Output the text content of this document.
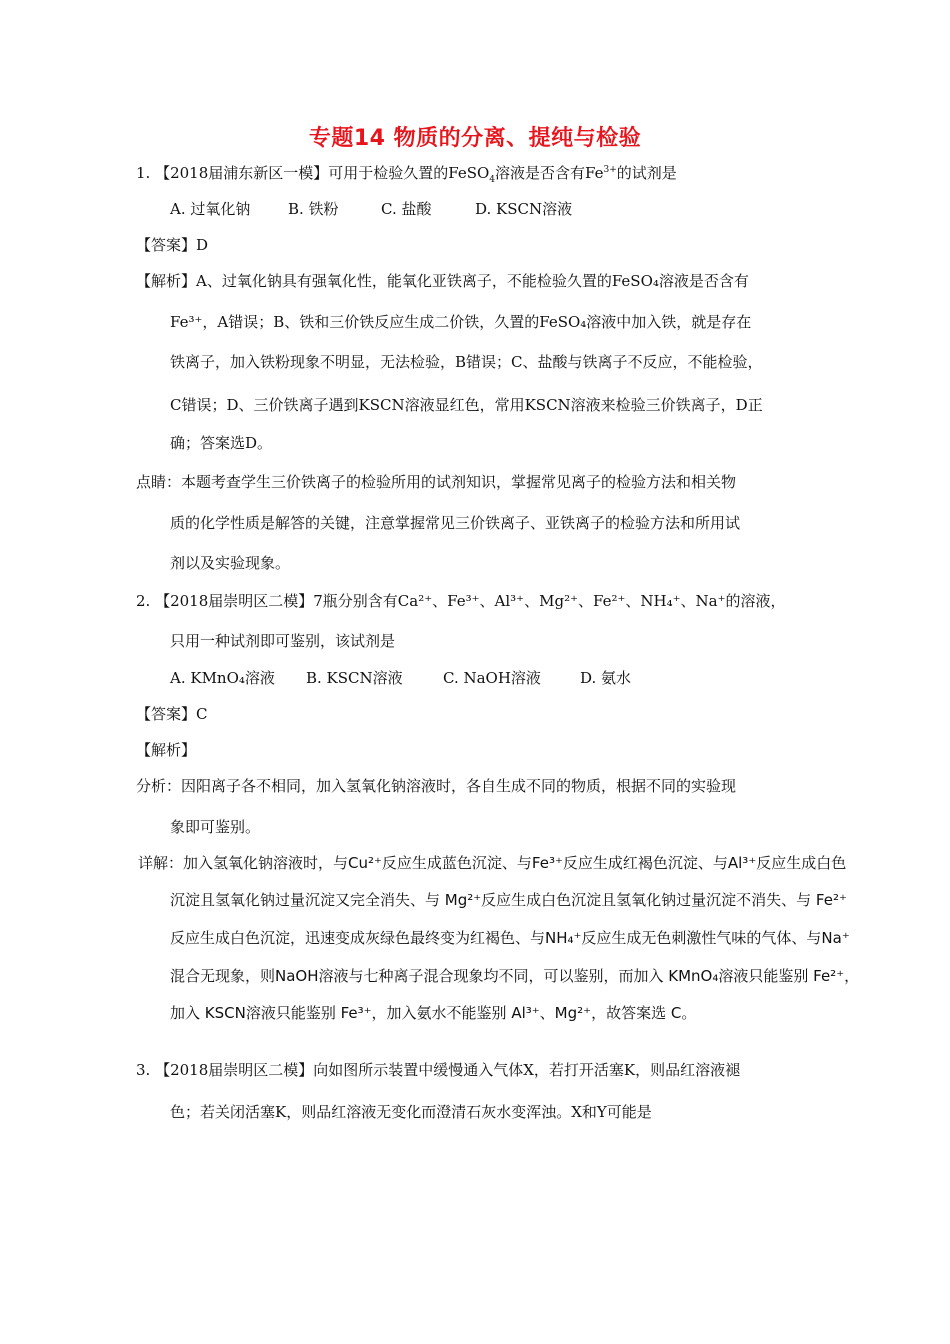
专题14 物质的分离、提纯与检验
1. 【2018届浦东新区一模】可用于检验久置的FeSO$_4$溶液是否含有$Fe^{3+}$的试剂是
A. 过氧化钠	B. 铁粉	C. 盐酸	D. KSCN溶液
【答案】D
【解析】A、过氧化钠具有强氧化性，能氧化亚铁离子，不能检验久置的FeSO₄溶液是否含有
Fe³⁺，A错误；B、铁和三价铁反应生成二价铁，久置的FeSO₄溶液中加入铁，就是存在
铁离子，加入铁粉现象不明显，无法检验，B错误；C、盐酸与铁离子不反应，不能检验，
C错误；D、三价铁离子遇到KSCN溶液显红色，常用KSCN溶液来检验三价铁离子，D正
确；答案选D。
点睛：本题考查学生三价铁离子的检验所用的试剂知识，掌握常见离子的检验方法和相关物
质的化学性质是解答的关键，注意掌握常见三价铁离子、亚铁离子的检验方法和所用试
剂以及实验现象。
2. 【2018届崇明区二模】7瓶分别含有Ca²⁺、Fe³⁺、Al³⁺、Mg²⁺、Fe²⁺、NH₄⁺、Na⁺的溶液，
只用一种试剂即可鉴别，该试剂是
A. KMnO₄溶液 B. KSCN溶液	C. NaOH溶液	D. 氨水
【答案】C
【解析】
分析：因阳离子各不相同，加入氢氧化钠溶液时，各自生成不同的物质，根据不同的实验现
象即可鉴别。
详解：加入氢氧化钠溶液时，与Cu²⁺反应生成蓝色沉淀、与Fe³⁺反应生成红褐色沉淀、与Al³⁺反应生成白色
沉淀且氢氧化钠过量沉淀又完全消失、与 Mg²⁺反应生成白色沉淀且氢氧化钠过量沉淀不消失、与 Fe²⁺
反应生成白色沉淀，迅速变成灰绿色最终变为红褐色、与NH₄⁺反应生成无色刺激性气味的气体、与Na⁺
混合无现象，则NaOH溶液与七种离子混合现象均不同，可以鉴别，而加入 KMnO₄溶液只能鉴别 Fe²⁺，
加入 KSCN溶液只能鉴别 Fe³⁺，加入氨水不能鉴别 Al³⁺、Mg²⁺，故答案选 C。
3. 【2018届崇明区二模】向如图所示装置中缓慢通入气体X，若打开活塞K，则品红溶液褪
色；若关闭活塞K，则品红溶液无变化而澄清石灰水变浑浊。X和Y可能是
